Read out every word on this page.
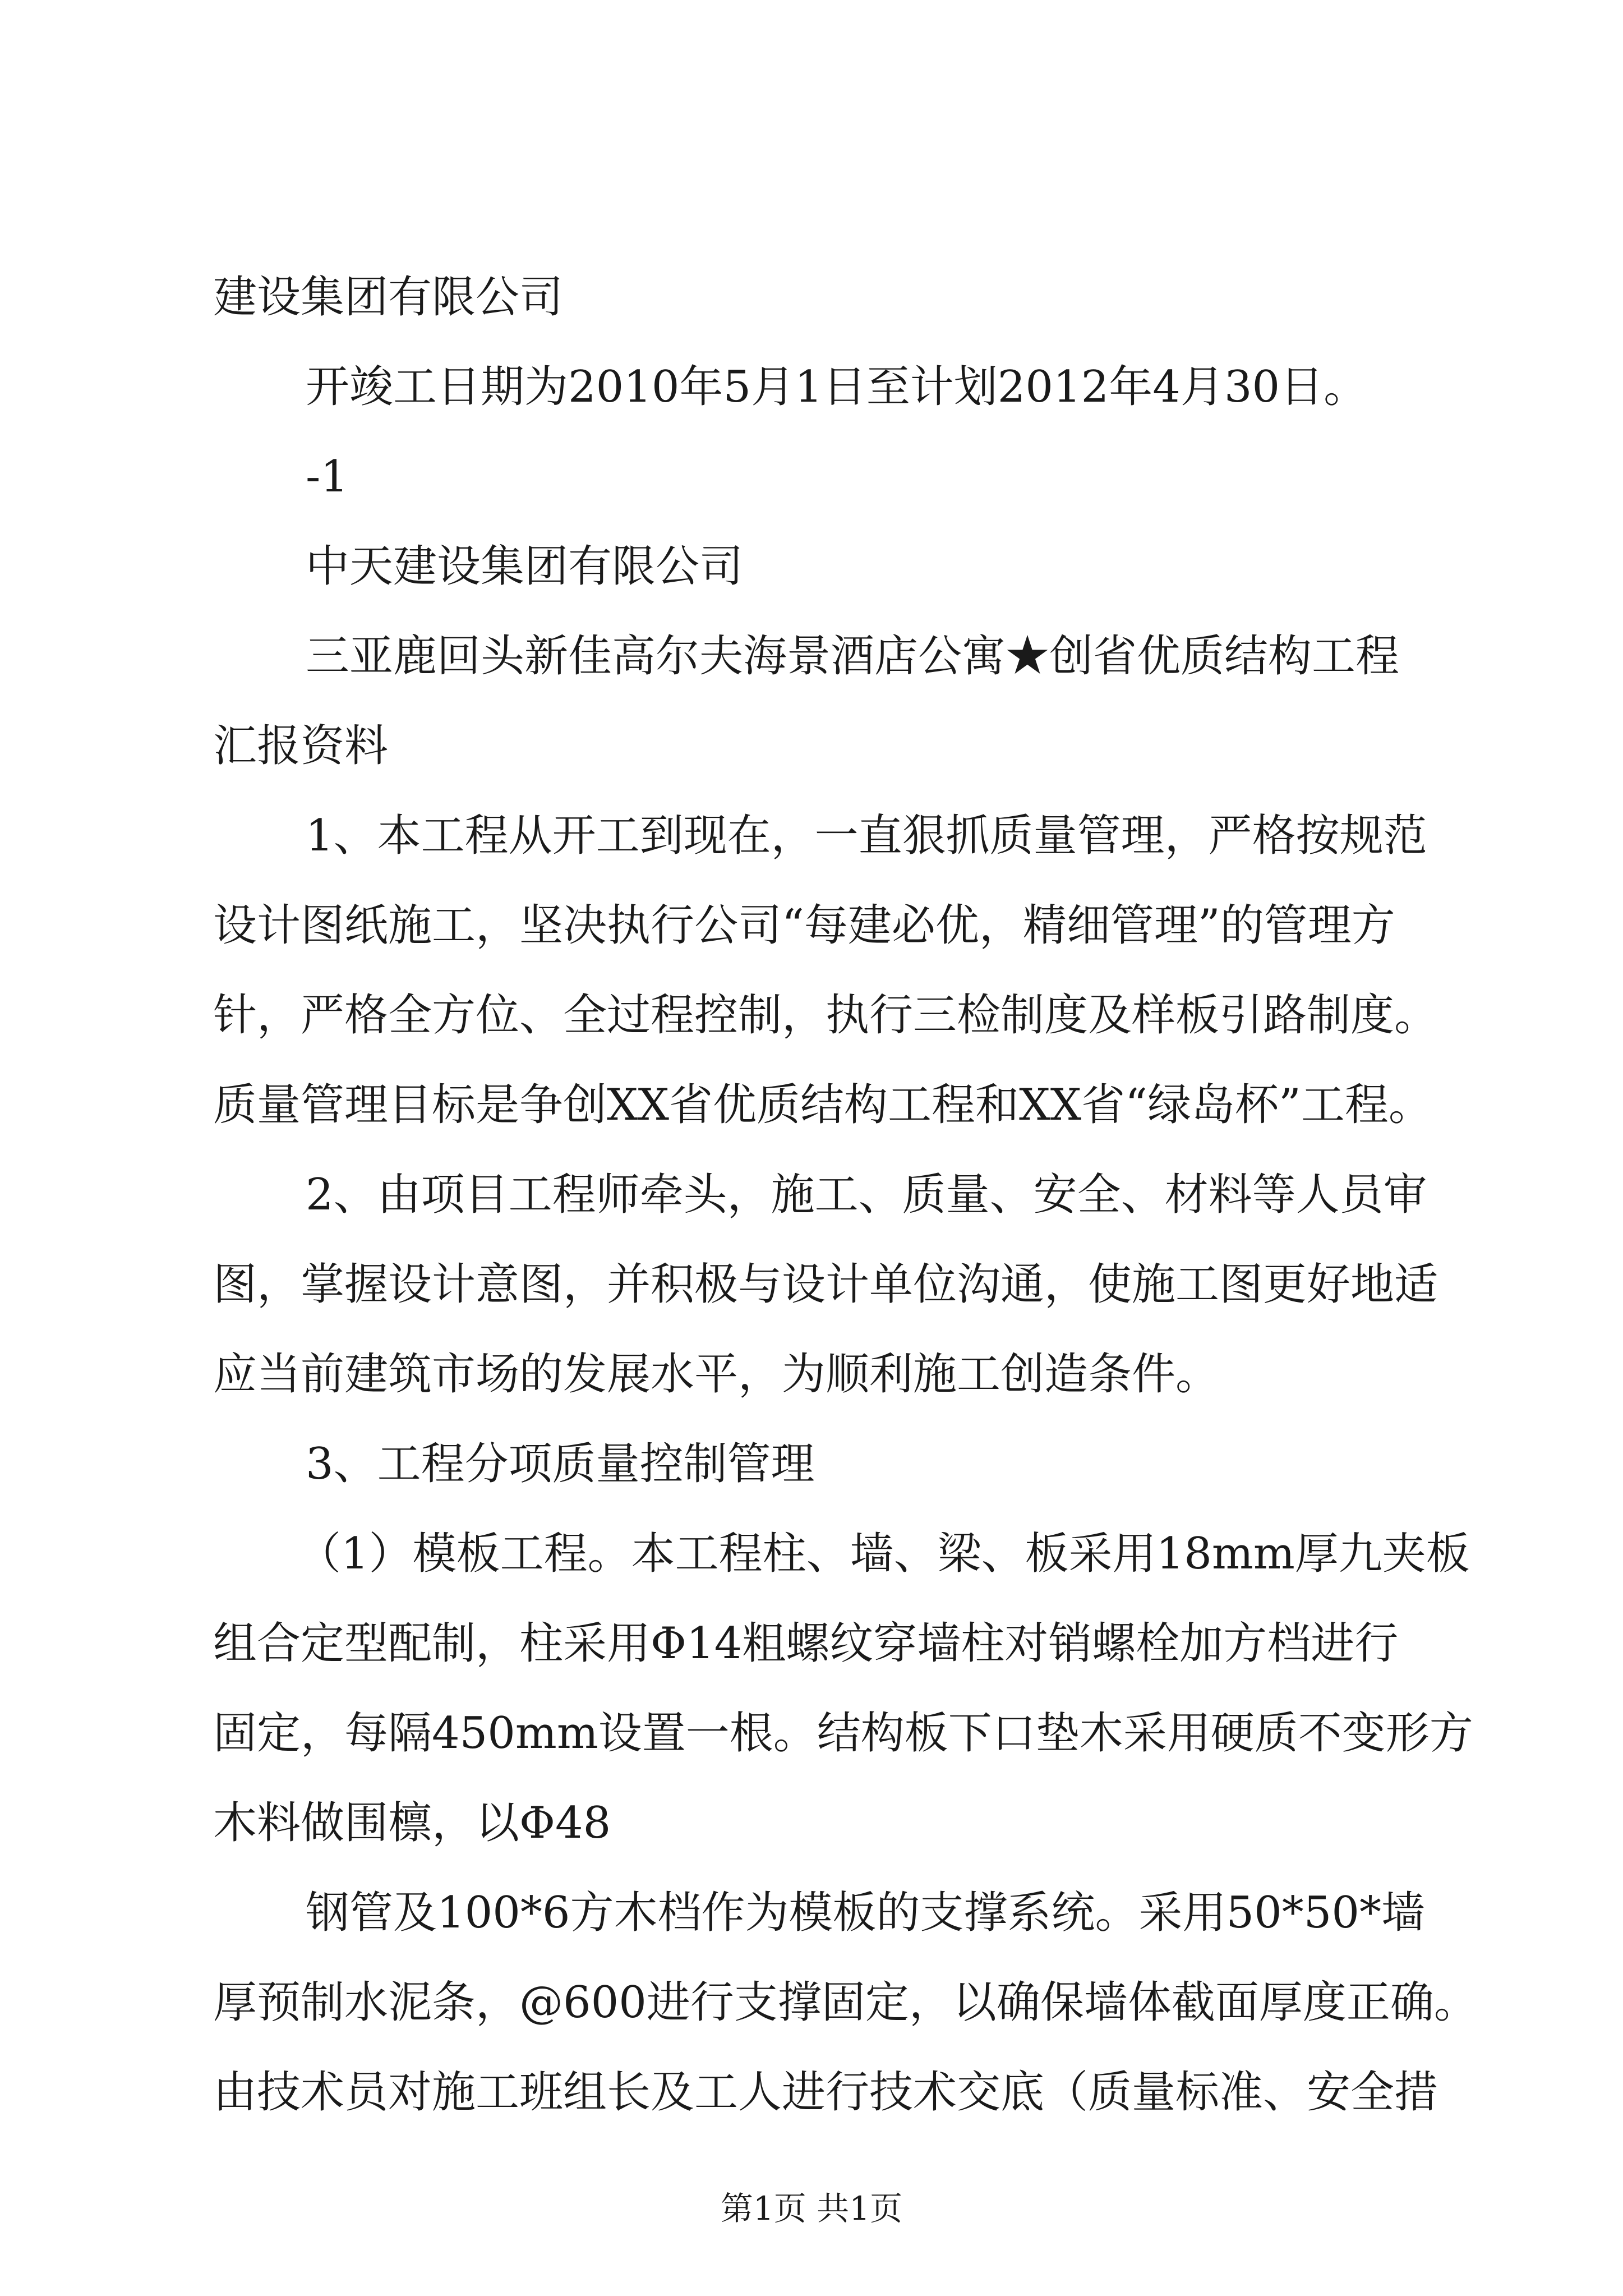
建设集团有限公司
开竣工日期为2010年5月1日至计划2012年4月30日。
-1
中天建设集团有限公司
三亚鹿回头新佳高尔夫海景酒店公寓★创省优质结构工程
汇报资料
1、本工程从开工到现在，一直狠抓质量管理，严格按规范
设计图纸施工，坚决执行公司“每建必优，精细管理”的管理方
针，严格全方位、全过程控制，执行三检制度及样板引路制度。
质量管理目标是争创XX省优质结构工程和XX省“绿岛杯”工程。
2、由项目工程师牵头，施工、质量、安全、材料等人员审
图，掌握设计意图，并积极与设计单位沟通，使施工图更好地适
应当前建筑市场的发展水平，为顺利施工创造条件。
3、工程分项质量控制管理
（1）模板工程。本工程柱、墙、梁、板采用18mm厚九夹板
组合定型配制，柱采用Φ14粗螺纹穿墙柱对销螺栓加方档进行
固定，每隔450mm设置一根。结构板下口垫木采用硬质不变形方
木料做围檩，以Φ48
钢管及100*6方木档作为模板的支撑系统。采用50*50*墙
厚预制水泥条，@600进行支撑固定，以确保墙体截面厚度正确。
由技术员对施工班组长及工人进行技术交底（质量标准、安全措
第1页 共1页
